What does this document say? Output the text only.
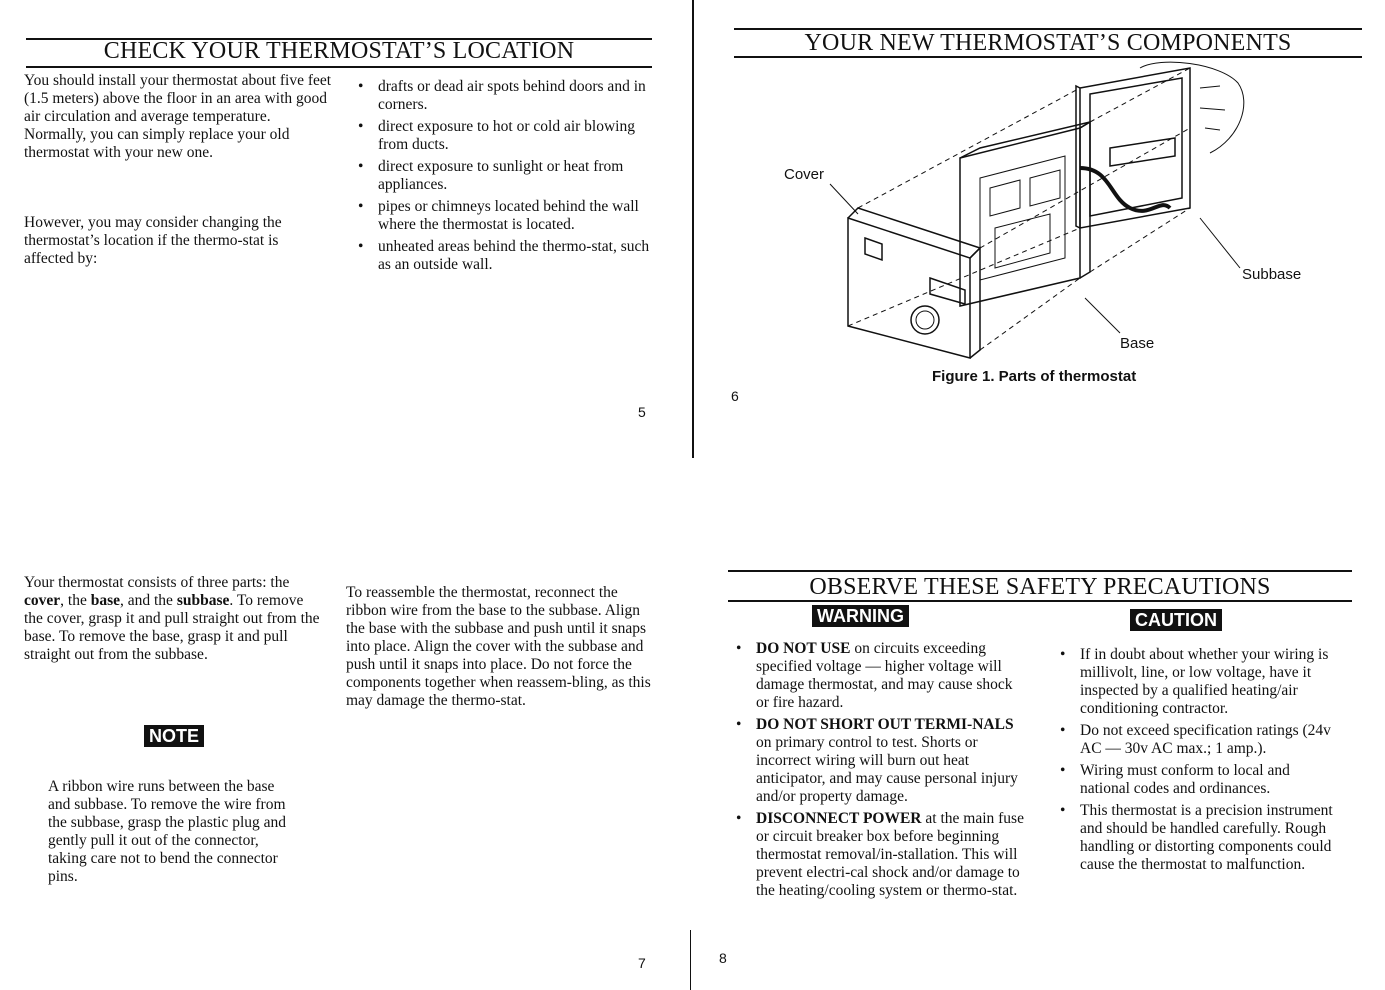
CHECK YOUR THERMOSTAT’S LOCATION
You should install your thermostat about five feet (1.5 meters) above the floor in an area with good air circulation and average temperature. Normally, you can simply replace your old thermostat with your new one.
However, you may consider changing the thermostat’s location if the thermo-stat is affected by:
• drafts or dead air spots behind doors and in corners.
• direct exposure to hot or cold air blowing from ducts.
• direct exposure to sunlight or heat from appliances.
• pipes or chimneys located behind the wall where the thermostat is located.
• unheated areas behind the thermo-stat, such as an outside wall.
5
YOUR NEW THERMOSTAT’S COMPONENTS
Cover
Subbase
Base
Figure 1. Parts of thermostat
6
Your thermostat consists of three parts: the cover, the base, and the subbase. To remove the cover, grasp it and pull straight out from the base. To remove the base, grasp it and pull straight out from the subbase.
NOTE
A ribbon wire runs between the base and subbase. To remove the wire from the subbase, grasp the plastic plug and gently pull it out of the connector, taking care not to bend the connector pins.
To reassemble the thermostat, reconnect the ribbon wire from the base to the subbase. Align the base with the subbase and push until it snaps into place. Align the cover with the subbase and push until it snaps into place. Do not force the components together when reassem-bling, as this may damage the thermo-stat.
7
OBSERVE THESE SAFETY PRECAUTIONS
WARNING	CAUTION
• DO NOT USE on circuits exceeding specified voltage — higher voltage will damage thermostat, and may cause shock or fire hazard.
• DO NOT SHORT OUT TERMI-NALS on primary control to test. Shorts or incorrect wiring will burn out heat anticipator, and may cause personal injury and/or property damage.
• DISCONNECT POWER at the main fuse or circuit breaker box before beginning thermostat removal/in-stallation. This will prevent electri-cal shock and/or damage to the heating/cooling system or thermo-stat.
• If in doubt about whether your wiring is millivolt, line, or low voltage, have it inspected by a qualified heating/air conditioning contractor.
• Do not exceed specification ratings (24v AC — 30v AC max.; 1 amp.).
• Wiring must conform to local and national codes and ordinances.
• This thermostat is a precision instrument and should be handled carefully. Rough handling or distorting components could cause the thermostat to malfunction.
8
